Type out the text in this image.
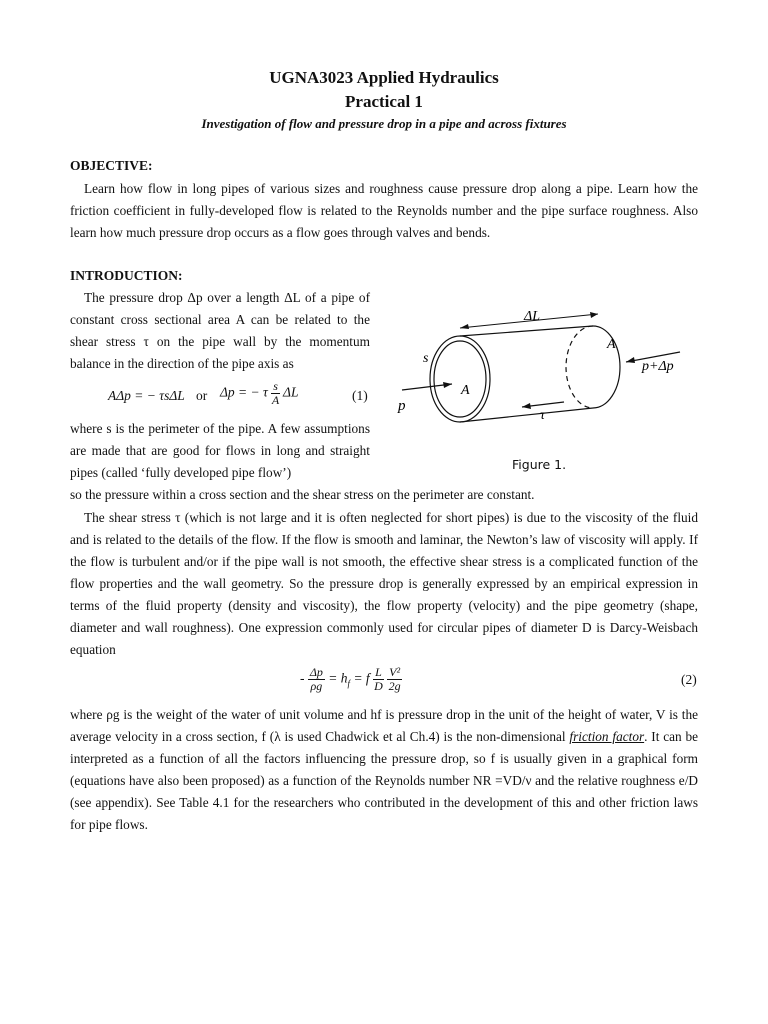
UGNA3023 Applied Hydraulics
Practical 1
Investigation of flow and pressure drop in a pipe and across fixtures
OBJECTIVE:
Learn how flow in long pipes of various sizes and roughness cause pressure drop along a pipe. Learn how the friction coefficient in fully-developed flow is related to the Reynolds number and the pipe surface roughness. Also learn how much pressure drop occurs as a flow goes through valves and bends.
INTRODUCTION:
The pressure drop Δp over a length ΔL of a pipe of constant cross sectional area A can be related to the shear stress τ on the pipe wall by the momentum balance in the direction of the pipe axis as
AΔp = − τsΔL or Δp = − τ $\frac{s}{A}$ ΔL	(1)
where s is the perimeter of the pipe. A few assumptions are made that are good for flows in long and straight pipes (called ‘fully developed pipe flow’)
so the pressure within a cross section and the shear stress on the perimeter are constant.
The shear stress τ (which is not large and it is often neglected for short pipes) is due to the viscosity of the fluid and is related to the details of the flow. If the flow is smooth and laminar, the Newton’s law of viscosity will apply. If the flow is turbulent and/or if the pipe wall is not smooth, the effective shear stress is a complicated function of the flow properties and the wall geometry. So the pressure drop is generally expressed by an empirical expression in terms of the fluid property (density and viscosity), the flow property (velocity) and the pipe geometry (shape, diameter and wall roughness). One expression commonly used for circular pipes of diameter D is Darcy-Weisbach equation
- $\frac{\Delta p}{\rho g} = h_f = f \frac{L}{D}$
$\frac{\text{V²}}{2g}$	(2)
where ρg is the weight of the water of unit volume and hf is pressure drop in the unit of the height of water, V is the average velocity in a cross section, f (λ is used Chadwick et al Ch.4) is the non-dimensional friction factor. It can be interpreted as a function of all the factors influencing the pressure drop, so f is usually given in a graphical form (equations have also been proposed) as a function of the Reynolds number NR =VD/ν and the relative roughness e/D (see appendix). See Table 4.1 for the researchers who contributed in the development of this and other friction laws for pipe flows.
ΔL
A
s
A
p
p+Δp
τ
Figure 1.
